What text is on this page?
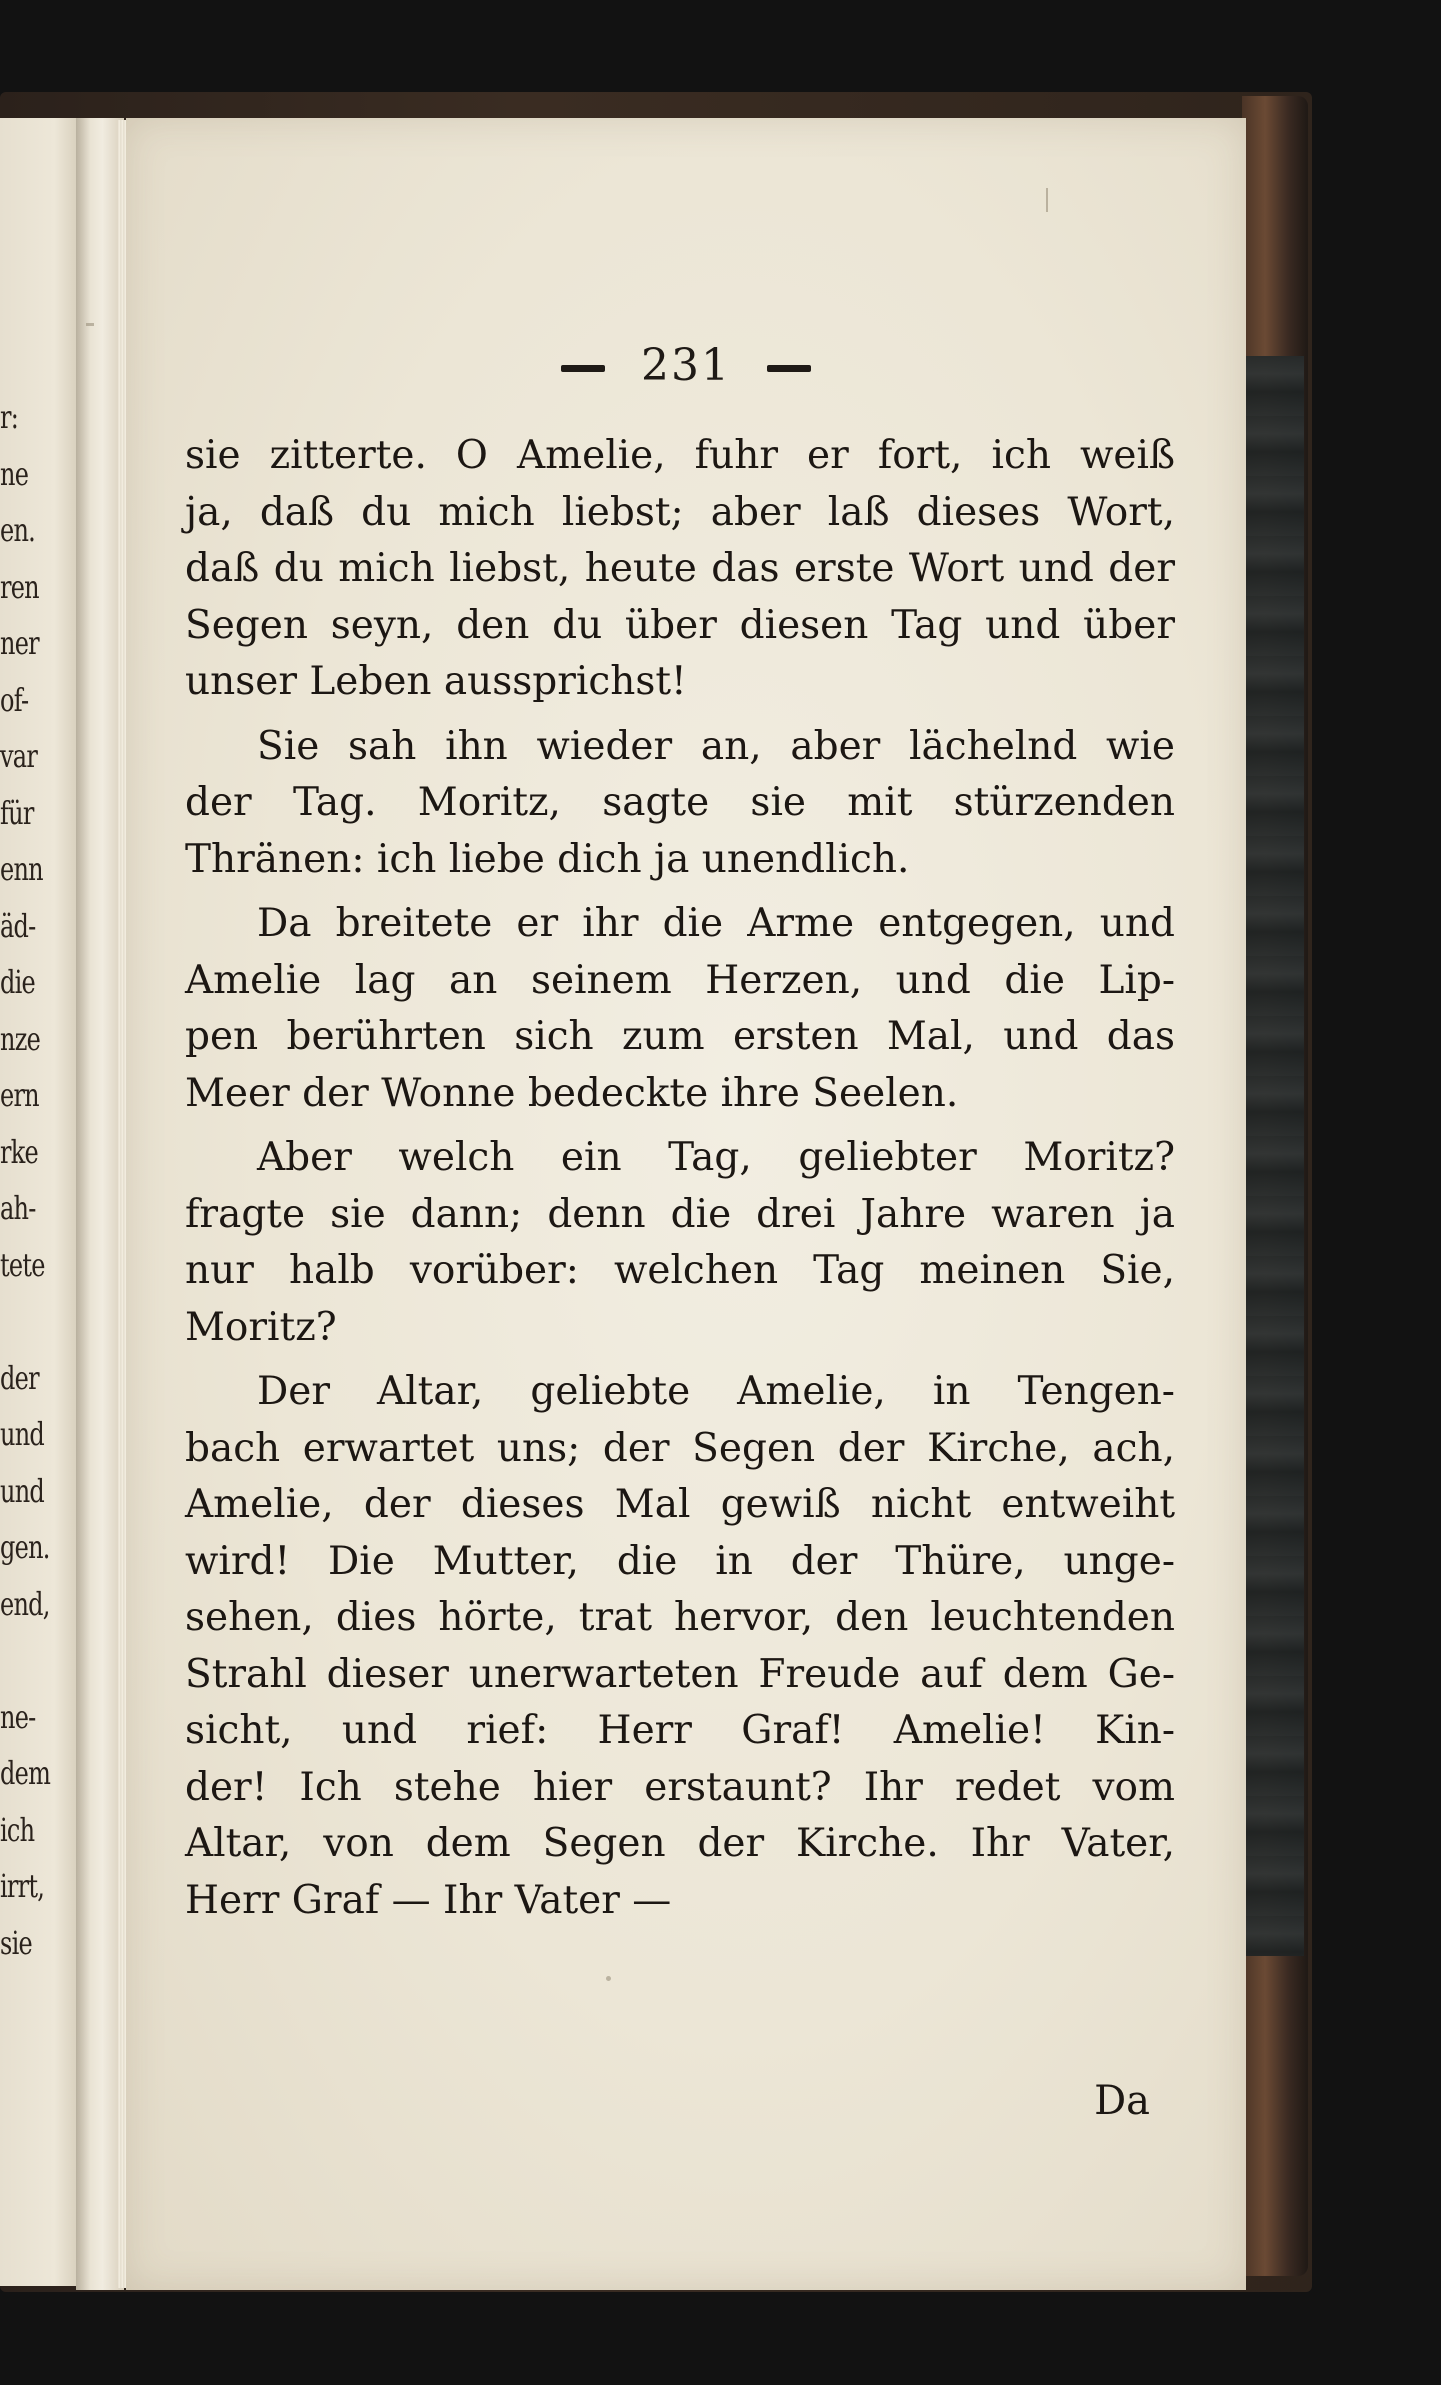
r:
ne
en.
ren
ner
of-
var
für
enn
äd-
die
nze
ern
rke
ah-
tete
der
und
und
gen.
end,
ne-
dem
ich
irrt,
sie
231
sie zitterte. O Amelie, fuhr er fort, ich weiß
ja, daß du mich liebst; aber laß dieses Wort,
daß du mich liebst, heute das erste Wort und der
Segen seyn, den du über diesen Tag und über
unser Leben aussprichst!
Sie sah ihn wieder an, aber lächelnd wie
der Tag. Moritz, sagte sie mit stürzenden
Thränen: ich liebe dich ja unendlich.
Da breitete er ihr die Arme entgegen, und
Amelie lag an seinem Herzen, und die Lip-
pen berührten sich zum ersten Mal, und das
Meer der Wonne bedeckte ihre Seelen.
Aber welch ein Tag, geliebter Moritz?
fragte sie dann; denn die drei Jahre waren ja
nur halb vorüber: welchen Tag meinen Sie,
Moritz?
Der Altar, geliebte Amelie, in Tengen-
bach erwartet uns; der Segen der Kirche, ach,
Amelie, der dieses Mal gewiß nicht entweiht
wird! Die Mutter, die in der Thüre, unge-
sehen, dies hörte, trat hervor, den leuchtenden
Strahl dieser unerwarteten Freude auf dem Ge-
sicht, und rief: Herr Graf! Amelie! Kin-
der! Ich stehe hier erstaunt? Ihr redet vom
Altar, von dem Segen der Kirche. Ihr Vater,
Herr Graf — Ihr Vater —
Da
